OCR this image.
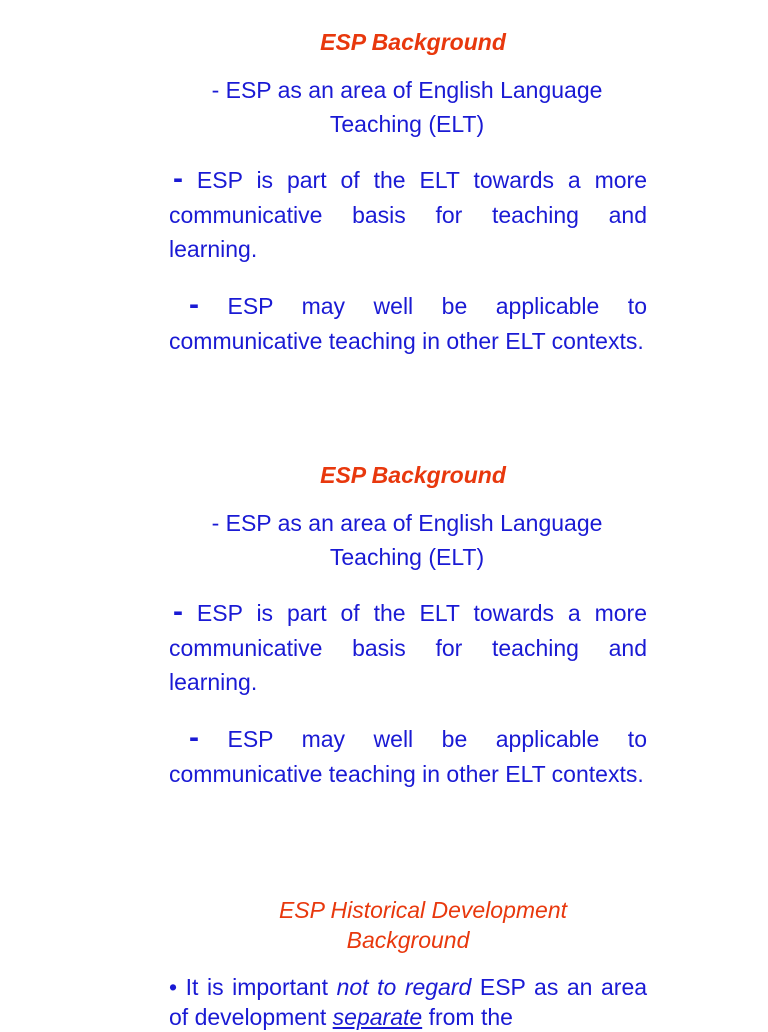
ESP Background
- ESP as an area of English Language
Teaching (ELT)
- ESP is part of the ELT towards a more communicative basis for teaching and learning.
- ESP may well be applicable to communicative teaching in other ELT contexts.
ESP Background
- ESP as an area of English Language
Teaching (ELT)
- ESP is part of the ELT towards a more communicative basis for teaching and learning.
- ESP may well be applicable to communicative teaching in other ELT contexts.
ESP Historical Development
Background
• It is important not to regard ESP as an area of development separate from the
